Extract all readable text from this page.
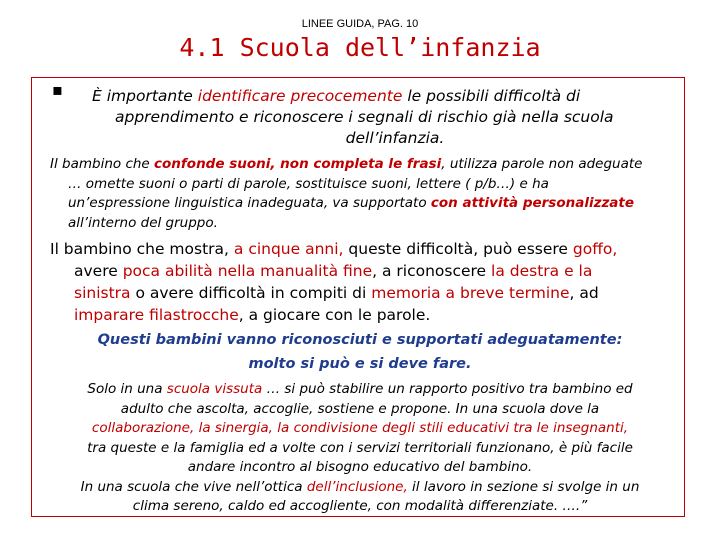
LINEE GUIDA, PAG. 10
4.1 Scuola dell’infanzia
▪	È importante identificare precocemente le possibili difficoltà di
apprendimento e riconoscere i segnali di rischio già nella scuola
dell’infanzia.
Il bambino che confonde suoni, non completa le frasi, utilizza parole non adeguate
… omette suoni o parti di parole, sostituisce suoni, lettere ( p/b…) e ha
un’espressione linguistica inadeguata, va supportato con attività personalizzate
all’interno del gruppo.
Il bambino che mostra, a cinque anni, queste difficoltà, può essere goffo,
avere poca abilità nella manualità fine, a riconoscere la destra e la
sinistra o avere difficoltà in compiti di memoria a breve termine, ad
imparare filastrocche, a giocare con le parole.
Questi bambini vanno riconosciuti e supportati adeguatamente:
molto si può e si deve fare.
Solo in una scuola vissuta … si può stabilire un rapporto positivo tra bambino ed
adulto che ascolta, accoglie, sostiene e propone. In una scuola dove la
collaborazione, la sinergia, la condivisione degli stili educativi tra le insegnanti,
tra queste e la famiglia ed a volte con i servizi territoriali funzionano, è più facile
andare incontro al bisogno educativo del bambino.
In una scuola che vive nell’ottica dell’inclusione, il lavoro in sezione si svolge in un
clima sereno, caldo ed accogliente, con modalità differenziate. ….”
